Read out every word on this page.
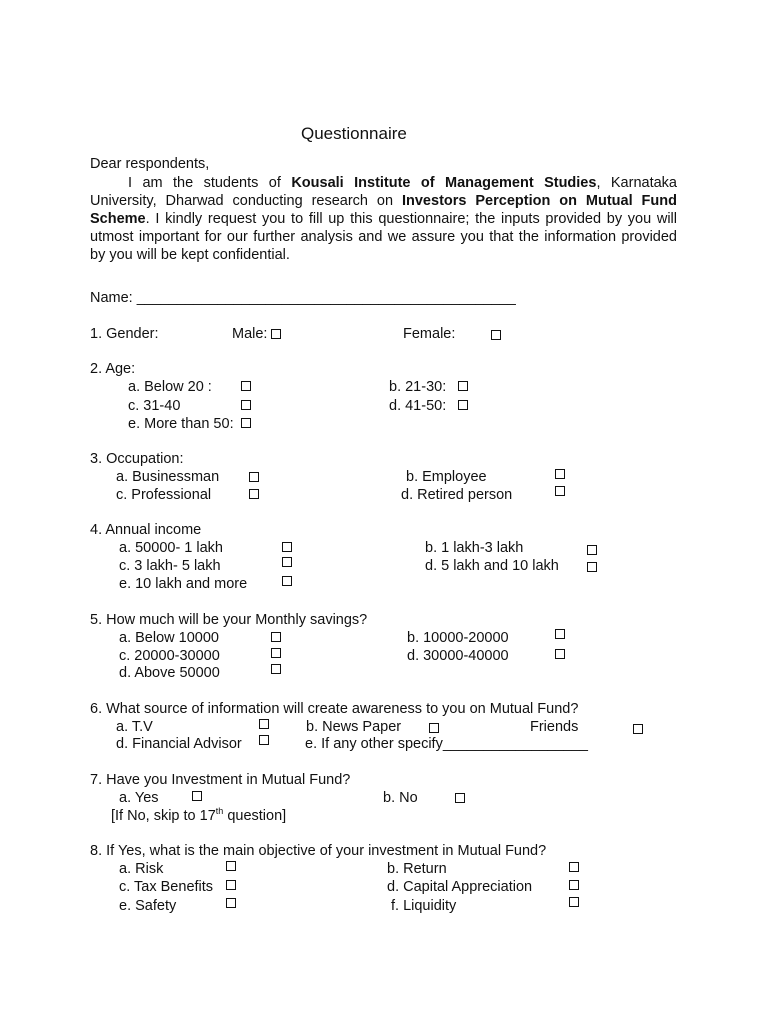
Questionnaire
Dear respondents,
I am the students of Kousali Institute of Management Studies, Karnataka University, Dharwad conducting research on Investors Perception on Mutual Fund Scheme. I kindly request you to fill up this questionnaire; the inputs provided by you will utmost important for our further analysis and we assure you that the information provided by you will be kept confidential.
Name: _______________________________________________
1. Gender:	Male:	Female:
2. Age:
a. Below 20 :	b. 21-30:
c. 31-40	d. 41-50:
e. More than 50:
3. Occupation:
a. Businessman	b. Employee
c. Professional	d. Retired person
4. Annual income
a. 50000- 1 lakh	b. 1 lakh-3 lakh
c. 3 lakh- 5 lakh	d. 5 lakh and 10 lakh
e. 10 lakh and more
5. How much will be your Monthly savings?
a. Below 10000	b. 10000-20000
c. 20000-30000	d. 30000-40000
d. Above 50000
6. What source of information will create awareness to you on Mutual Fund?
a. T.V	b. News Paper	Friends
d. Financial Advisor	e. If any other specify__________________
7. Have you Investment in Mutual Fund?
a. Yes	b. No
[If No, skip to 17th question]
8. If Yes, what is the main objective of your investment in Mutual Fund?
a. Risk	b. Return
c. Tax Benefits	d. Capital Appreciation
e. Safety	f. Liquidity
